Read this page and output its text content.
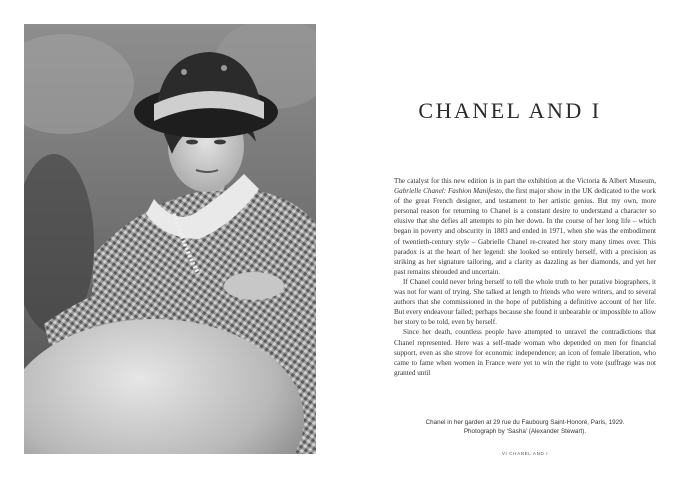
CHANEL AND I

The catalyst for this new edition is in part the exhibition at the Victoria & Albert Museum, Gabrielle Chanel: Fashion Manifesto, the first major show in the UK dedicated to the work of the great French designer, and testament to her artistic genius. But my own, more personal reason for returning to Chanel is a constant desire to understand a character so elusive that she defies all attempts to pin her down. In the course of her long life – which began in poverty and obscurity in 1883 and ended in 1971, when she was the embodiment of twentieth-century style – Gabrielle Chanel re-created her story many times over. This paradox is at the heart of her legend: she looked so entirely herself, with a precision as striking as her signature tailoring, and a clarity as dazzling as her diamonds, and yet her past remains shrouded and uncertain.

If Chanel could never bring herself to tell the whole truth to her putative biographers, it was not for want of trying. She talked at length to friends who were writers, and to several authors that she commissioned in the hope of publishing a definitive account of her life. But every endeavour failed; perhaps because she found it unbearable or impossible to allow her story to be told, even by herself.

Since her death, countless people have attempted to unravel the contradictions that Chanel represented. Here was a self-made woman who depended on men for financial support, even as she strove for economic independence; an icon of female liberation, who came to fame when women in France were yet to win the right to vote (suffrage was not granted until

Chanel in her garden at 29 rue du Faubourg Saint-Honoré, Paris, 1929.
Photograph by ‘Sasha’ (Alexander Stewart).
VI CHANEL AND I
